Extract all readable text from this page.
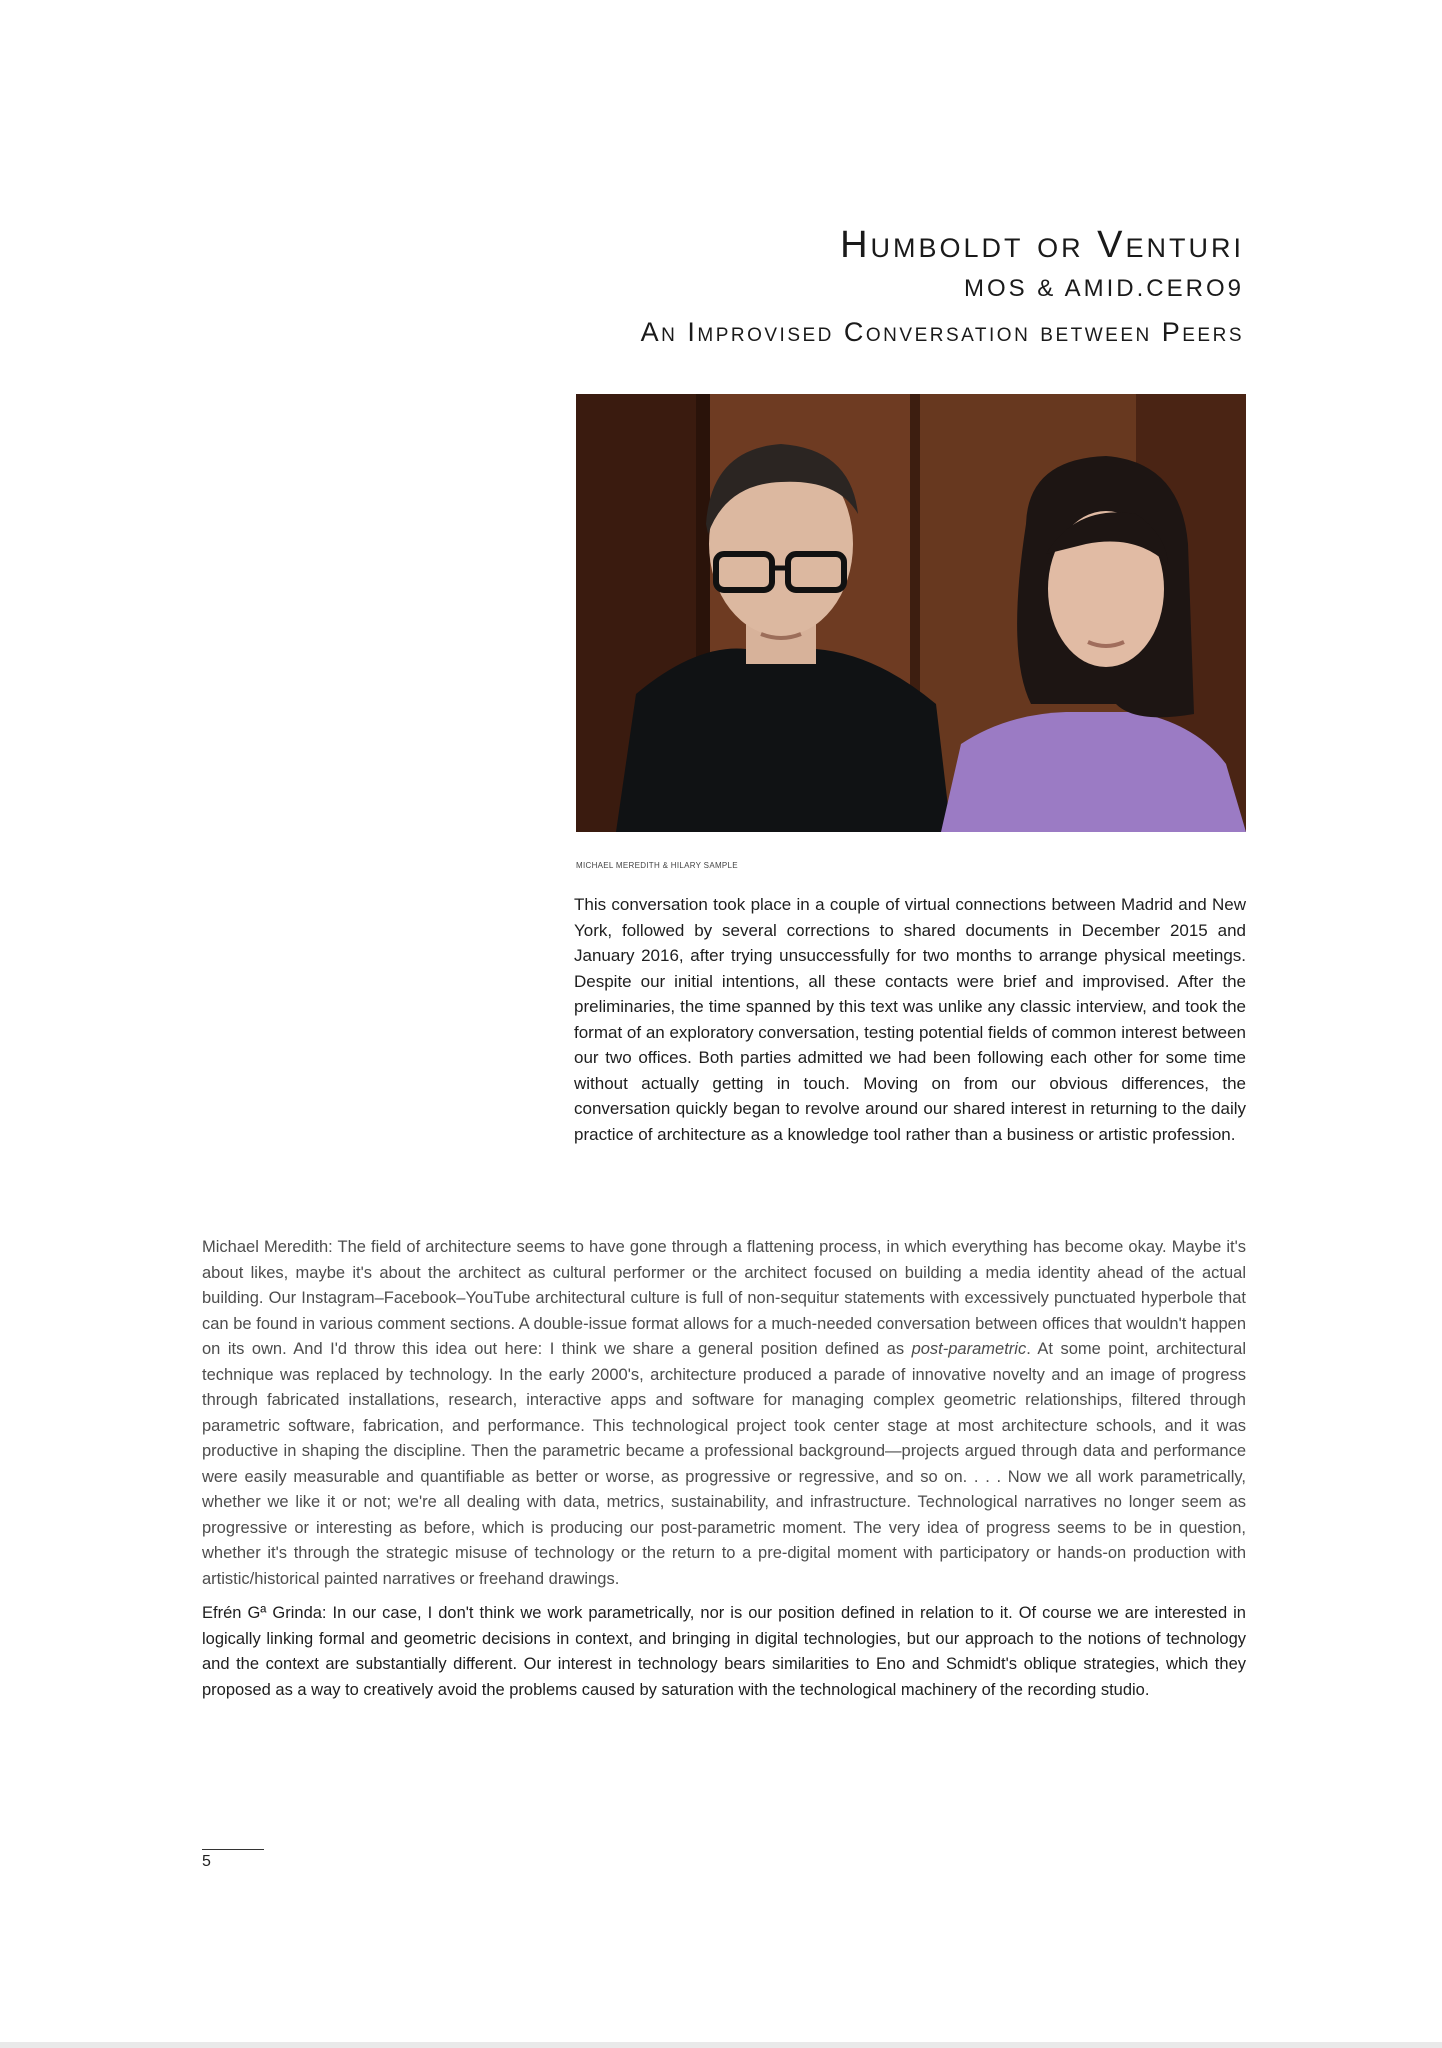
Humboldt or Venturi
MOS & AMID.CERO9
An Improvised Conversation between Peers
MICHAEL MEREDITH & HILARY SAMPLE

This conversation took place in a couple of virtual connections between Madrid and New York, followed by several corrections to shared documents in December 2015 and January 2016, after trying unsuccessfully for two months to arrange physical meetings. Despite our initial intentions, all these contacts were brief and improvised. After the preliminaries, the time spanned by this text was unlike any classic interview, and took the format of an exploratory conversation, testing potential fields of common interest between our two offices. Both parties admitted we had been following each other for some time without actually getting in touch. Moving on from our obvious differences, the conversation quickly began to revolve around our shared interest in returning to the daily practice of architecture as a knowledge tool rather than a business or artistic profession.

Michael Meredith: The field of architecture seems to have gone through a flattening process, in which everything has become okay. Maybe it's about likes, maybe it's about the architect as cultural performer or the architect focused on building a media identity ahead of the actual building. Our Instagram–Facebook–YouTube architectural culture is full of non-sequitur statements with excessively punctuated hyperbole that can be found in various comment sections. A double-issue format allows for a much-needed conversation between offices that wouldn't happen on its own. And I'd throw this idea out here: I think we share a general position defined as post-parametric. At some point, architectural technique was replaced by technology. In the early 2000's, architecture produced a parade of innovative novelty and an image of progress through fabricated installations, research, interactive apps and software for managing complex geometric relationships, filtered through parametric software, fabrication, and performance. This technological project took center stage at most architecture schools, and it was productive in shaping the discipline. Then the parametric became a professional background—projects argued through data and performance were easily measurable and quantifiable as better or worse, as progressive or regressive, and so on. . . . Now we all work parametrically, whether we like it or not; we're all dealing with data, metrics, sustainability, and infrastructure. Technological narratives no longer seem as progressive or interesting as before, which is producing our post-parametric moment. The very idea of progress seems to be in question, whether it's through the strategic misuse of technology or the return to a pre-digital moment with participatory or hands-on production with artistic/historical painted narratives or freehand drawings.

Efrén Gª Grinda: In our case, I don't think we work parametrically, nor is our position defined in relation to it. Of course we are interested in logically linking formal and geometric decisions in context, and bringing in digital technologies, but our approach to the notions of technology and the context are substantially different. Our interest in technology bears similarities to Eno and Schmidt's oblique strategies, which they proposed as a way to creatively avoid the problems caused by saturation with the technological machinery of the recording studio.

5
